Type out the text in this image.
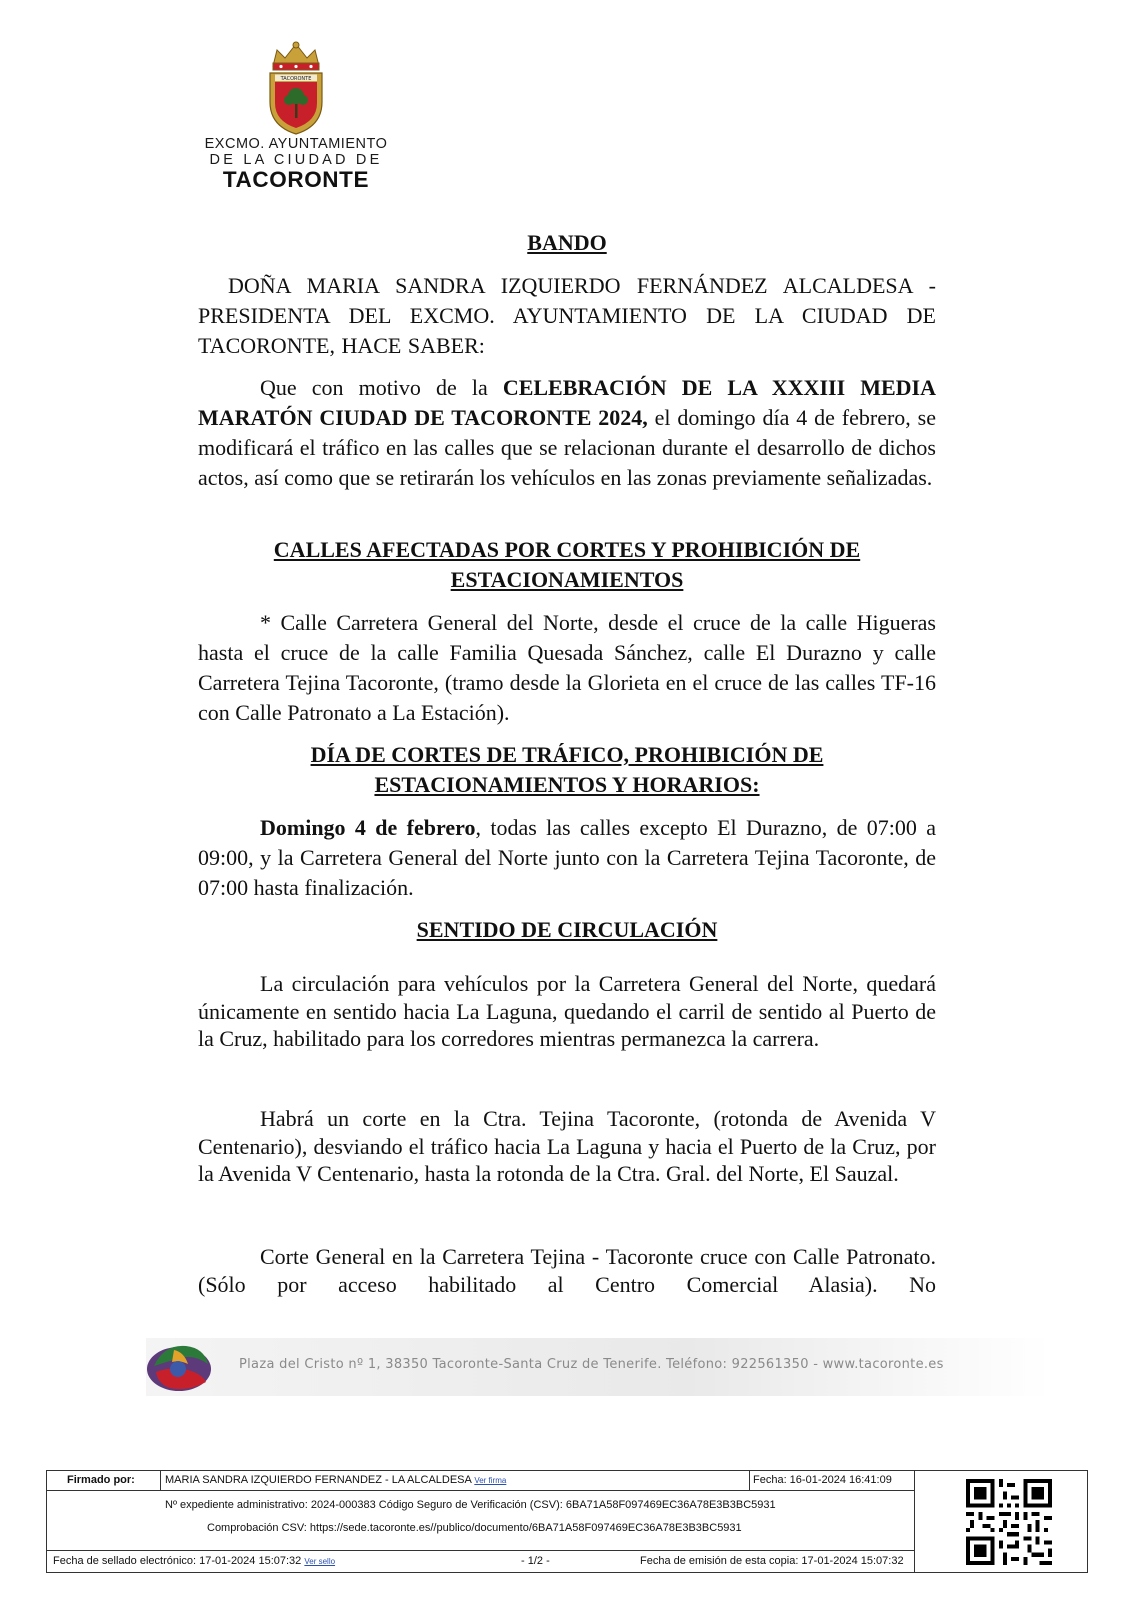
TACORONTE
EXCMO. AYUNTAMIENTO
DE LA CIUDAD DE
TACORONTE
BANDO
DOÑA MARIA SANDRA IZQUIERDO FERNÁNDEZ ALCALDESA - PRESIDENTA DEL EXCMO. AYUNTAMIENTO DE LA CIUDAD DE TACORONTE, HACE SABER:
Que con motivo de la CELEBRACIÓN DE LA XXXIII MEDIA MARATÓN CIUDAD DE TACORONTE 2024, el domingo día 4 de febrero, se modificará el tráfico en las calles que se relacionan durante el desarrollo de dichos actos, así como que se retirarán los vehículos en las zonas previamente señalizadas.
CALLES AFECTADAS POR CORTES Y PROHIBICIÓN DE
ESTACIONAMIENTOS
* Calle Carretera General del Norte, desde el cruce de la calle Higueras hasta el cruce de la calle Familia Quesada Sánchez, calle El Durazno y calle Carretera Tejina Tacoronte, (tramo desde la Glorieta en el cruce de las calles TF-16 con Calle Patronato a La Estación).
DÍA DE CORTES DE TRÁFICO, PROHIBICIÓN DE
ESTACIONAMIENTOS Y HORARIOS:
Domingo 4 de febrero, todas las calles excepto El Durazno, de 07:00 a 09:00, y la Carretera General del Norte junto con la Carretera Tejina Tacoronte, de 07:00 hasta finalización.
SENTIDO DE CIRCULACIÓN
La circulación para vehículos por la Carretera General del Norte, quedará únicamente en sentido hacia La Laguna, quedando el carril de sentido al Puerto de la Cruz, habilitado para los corredores mientras permanezca la carrera.
Habrá un corte en la Ctra. Tejina Tacoronte, (rotonda de Avenida V Centenario), desviando el tráfico hacia La Laguna y hacia el Puerto de la Cruz, por la Avenida V Centenario, hasta la rotonda de la Ctra. Gral. del Norte, El Sauzal.
Corte General en la Carretera Tejina - Tacoronte cruce con Calle Patronato. (Sólo por acceso habilitado al Centro Comercial Alasia). No
Plaza del Cristo nº 1, 38350 Tacoronte-Santa Cruz de Tenerife. Teléfono: 922561350 - www.tacoronte.es
Firmado por:	MARIA SANDRA IZQUIERDO FERNANDEZ - LA ALCALDESA Ver firma	Fecha: 16-01-2024 16:41:09
Nº expediente administrativo: 2024-000383 Código Seguro de Verificación (CSV): 6BA71A58F097469EC36A78E3B3BC5931
Comprobación CSV: https://sede.tacoronte.es//publico/documento/6BA71A58F097469EC36A78E3B3BC5931
Fecha de sellado electrónico: 17-01-2024 15:07:32 Ver sello	- 1/2 -	Fecha de emisión de esta copia: 17-01-2024 15:07:32
